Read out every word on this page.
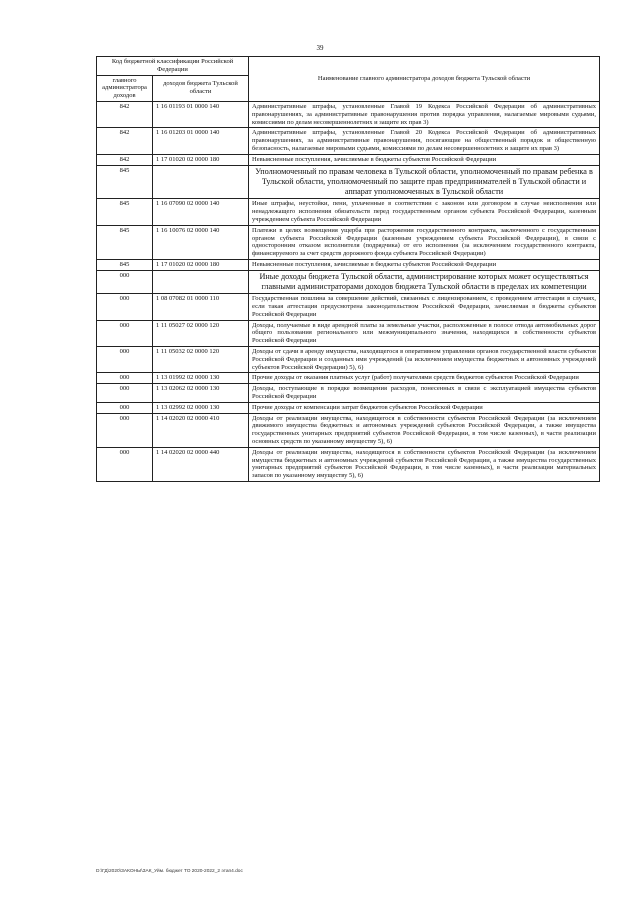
39
Код бюджетной классификации Российской Федерации		Наименование главного администратора доходов бюджета Тульской области
главного администратора доходов	доходов бюджета Тульской области	
842	1 16 01193 01 0000 140	Административные штрафы, установленные Главой 19 Кодекса Российской Федерации об административных правонарушениях, за административные правонарушения против порядка управления, налагаемые мировыми судьями, комиссиями по делам несовершеннолетних и защите их прав 3)
842	1 16 01203 01 0000 140	Административные штрафы, установленные Главой 20 Кодекса Российской Федерации об административных правонарушениях, за административные правонарушения, посягающие на общественный порядок и общественную безопасность, налагаемые мировыми судьями, комиссиями по делам несовершеннолетних и защите их прав 3)
842	1 17 01020 02 0000 180	Невыясненные поступления, зачисляемые в бюджеты субъектов Российской Федерации
845		Уполномоченный по правам человека в Тульской области, уполномоченный по правам ребенка в Тульской области, уполномоченный по защите прав предпринимателей в Тульской области и аппарат уполномоченных в Тульской области
845	1 16 07090 02 0000 140	Иные штрафы, неустойки, пени, уплаченные в соответствии с законом или договором в случае неисполнения или ненадлежащего исполнения обязательств перед государственным органом субъекта Российской Федерации, казенным учреждением субъекта Российской Федерации
845	1 16 10076 02 0000 140	Платежи в целях возмещения ущерба при расторжении государственного контракта, заключенного с государственным органом субъекта Российской Федерации (казенным учреждением субъекта Российской Федерации), в связи с односторонним отказом исполнителя (подрядчика) от его исполнения (за исключением государственного контракта, финансируемого за счет средств дорожного фонда субъекта Российской Федерации)
845	1 17 01020 02 0000 180	Невыясненные поступления, зачисляемые в бюджеты субъектов Российской Федерации
000		Иные доходы бюджета Тульской области, администрирование которых может осуществляться главными администраторами доходов бюджета Тульской области в пределах их компетенции
000	1 08 07082 01 0000 110	Государственная пошлина за совершение действий, связанных с лицензированием, с проведением аттестации в случаях, если такая аттестация предусмотрена законодательством Российской Федерации, зачисляемая в бюджеты субъектов Российской Федерации
000	1 11 05027 02 0000 120	Доходы, получаемые в виде арендной платы за земельные участки, расположенные в полосе отвода автомобильных дорог общего пользования регионального или межмуниципального значения, находящихся в собственности субъектов Российской Федерации
000	1 11 05032 02 0000 120	Доходы от сдачи в аренду имущества, находящегося в оперативном управлении органов государственной власти субъектов Российской Федерации и созданных ими учреждений (за исключением имущества бюджетных и автономных учреждений субъектов Российской Федерации) 5), 6)
000	1 13 01992 02 0000 130	Прочие доходы от оказания платных услуг (работ) получателями средств бюджетов субъектов Российской Федерации
000	1 13 02062 02 0000 130	Доходы, поступающие в порядке возмещения расходов, понесенных в связи с эксплуатацией имущества субъектов Российской Федерации
000	1 13 02992 02 0000 130	Прочие доходы от компенсации затрат бюджетов субъектов Российской Федерации
000	1 14 02020 02 0000 410	Доходы от реализации имущества, находящегося в собственности субъектов Российской Федерации (за исключением движимого имущества бюджетных и автономных учреждений субъектов Российской Федерации, а также имущества государственных унитарных предприятий субъектов Российской Федерации, в том числе казенных), в части реализации основных средств по указанному имуществу 5), 6)
000	1 14 02020 02 0000 440	Доходы от реализации имущества, находящегося в собственности субъектов Российской Федерации (за исключением имущества бюджетных и автономных учреждений субъектов Российской Федерации, а также имущества государственных унитарных предприятий субъектов Российской Федерации, в том числе казенных), в части реализации материальных запасов по указанному имуществу 5), 6)
D:\ГД\2020\ЗАКОНЫ\ЗАК_Уйм. бюджет ТО 2020-2022_2 этап4.doc
